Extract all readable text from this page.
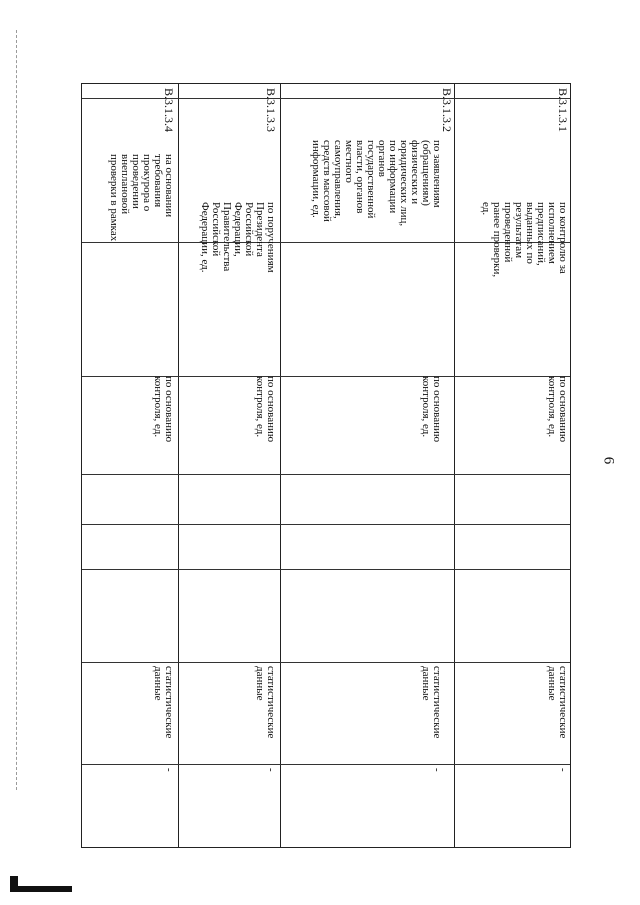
6
В.3.1.3.1
по контролю за
исполнением
предписаний,
выданных по
результатам
проведенной
ранее проверки,
ед.
по основанию
контроля, ед.
статистические
данные
-
В.3.1.3.2
по заявлениям
(обращениям)
физических и
юридических лиц,
по информации
органов
государственной
власти, органов
местного
самоуправления,
средств массовой
информации, ед.
по основанию
контроля, ед.
статистические
данные
-
В.3.1.3.3
по поручениям
Президента
Российской
Федерации,
Правительства
Российской
Федерации, ед.
по основанию
контроля, ед.
статистические
данные
-
В.3.1.3.4
на основании
требования
прокурора о
проведении
внеплановой
проверки в рамках
по основанию
контроля, ед.
статистические
данные
-
